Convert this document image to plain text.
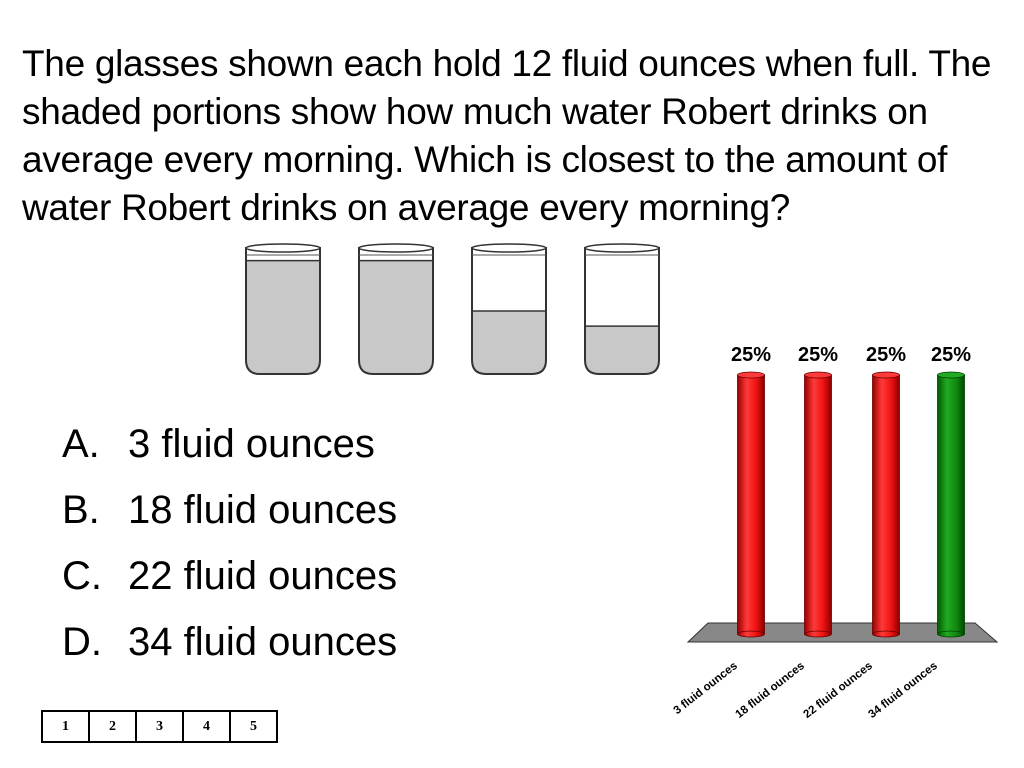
The glasses shown each hold 12 fluid ounces when full. The shaded portions show how much water Robert drinks on average every morning. Which is closest to the amount of water Robert drinks on average every morning?

A. 3 fluid ounces
B. 18 fluid ounces
C. 22 fluid ounces
D. 34 fluid ounces
1	2	3	4	5
25%
3 fluid ounces
25%
18 fluid ounces
25%
22 fluid ounces
25%
34 fluid ounces
